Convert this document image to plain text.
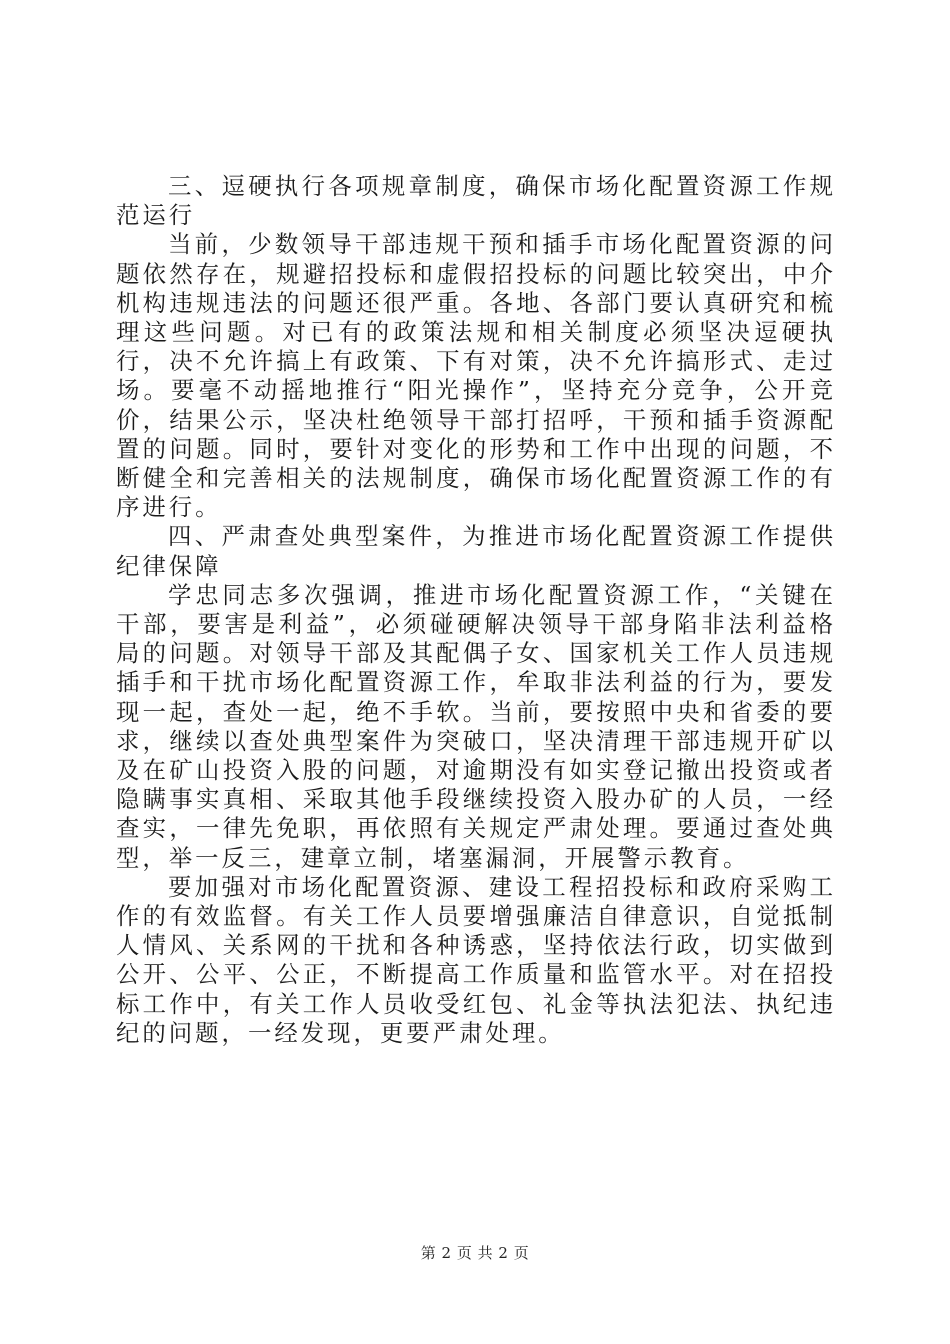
三、逗硬执行各项规章制度，确保市场化配置资源工作规范运行

当前，少数领导干部违规干预和插手市场化配置资源的问题依然存在，规避招投标和虚假招投标的问题比较突出，中介机构违规违法的问题还很严重。各地、各部门要认真研究和梳理这些问题。对已有的政策法规和相关制度必须坚决逗硬执行，决不允许搞上有政策、下有对策，决不允许搞形式、走过场。要毫不动摇地推行“阳光操作”，坚持充分竞争，公开竞价，结果公示，坚决杜绝领导干部打招呼，干预和插手资源配置的问题。同时，要针对变化的形势和工作中出现的问题，不断健全和完善相关的法规制度，确保市场化配置资源工作的有序进行。

四、严肃查处典型案件，为推进市场化配置资源工作提供纪律保障

学忠同志多次强调，推进市场化配置资源工作，“关键在干部，要害是利益”，必须碰硬解决领导干部身陷非法利益格局的问题。对领导干部及其配偶子女、国家机关工作人员违规插手和干扰市场化配置资源工作，牟取非法利益的行为，要发现一起，查处一起，绝不手软。当前，要按照中央和省委的要求，继续以查处典型案件为突破口，坚决清理干部违规开矿以及在矿山投资入股的问题，对逾期没有如实登记撤出投资或者隐瞒事实真相、采取其他手段继续投资入股办矿的人员，一经查实，一律先免职，再依照有关规定严肃处理。要通过查处典型，举一反三，建章立制，堵塞漏洞，开展警示教育。

要加强对市场化配置资源、建设工程招投标和政府采购工作的有效监督。有关工作人员要增强廉洁自律意识，自觉抵制人情风、关系网的干扰和各种诱惑，坚持依法行政，切实做到公开、公平、公正，不断提高工作质量和监管水平。对在招投标工作中，有关工作人员收受红包、礼金等执法犯法、执纪违纪的问题，一经发现，更要严肃处理。

第 2 页 共 2 页
